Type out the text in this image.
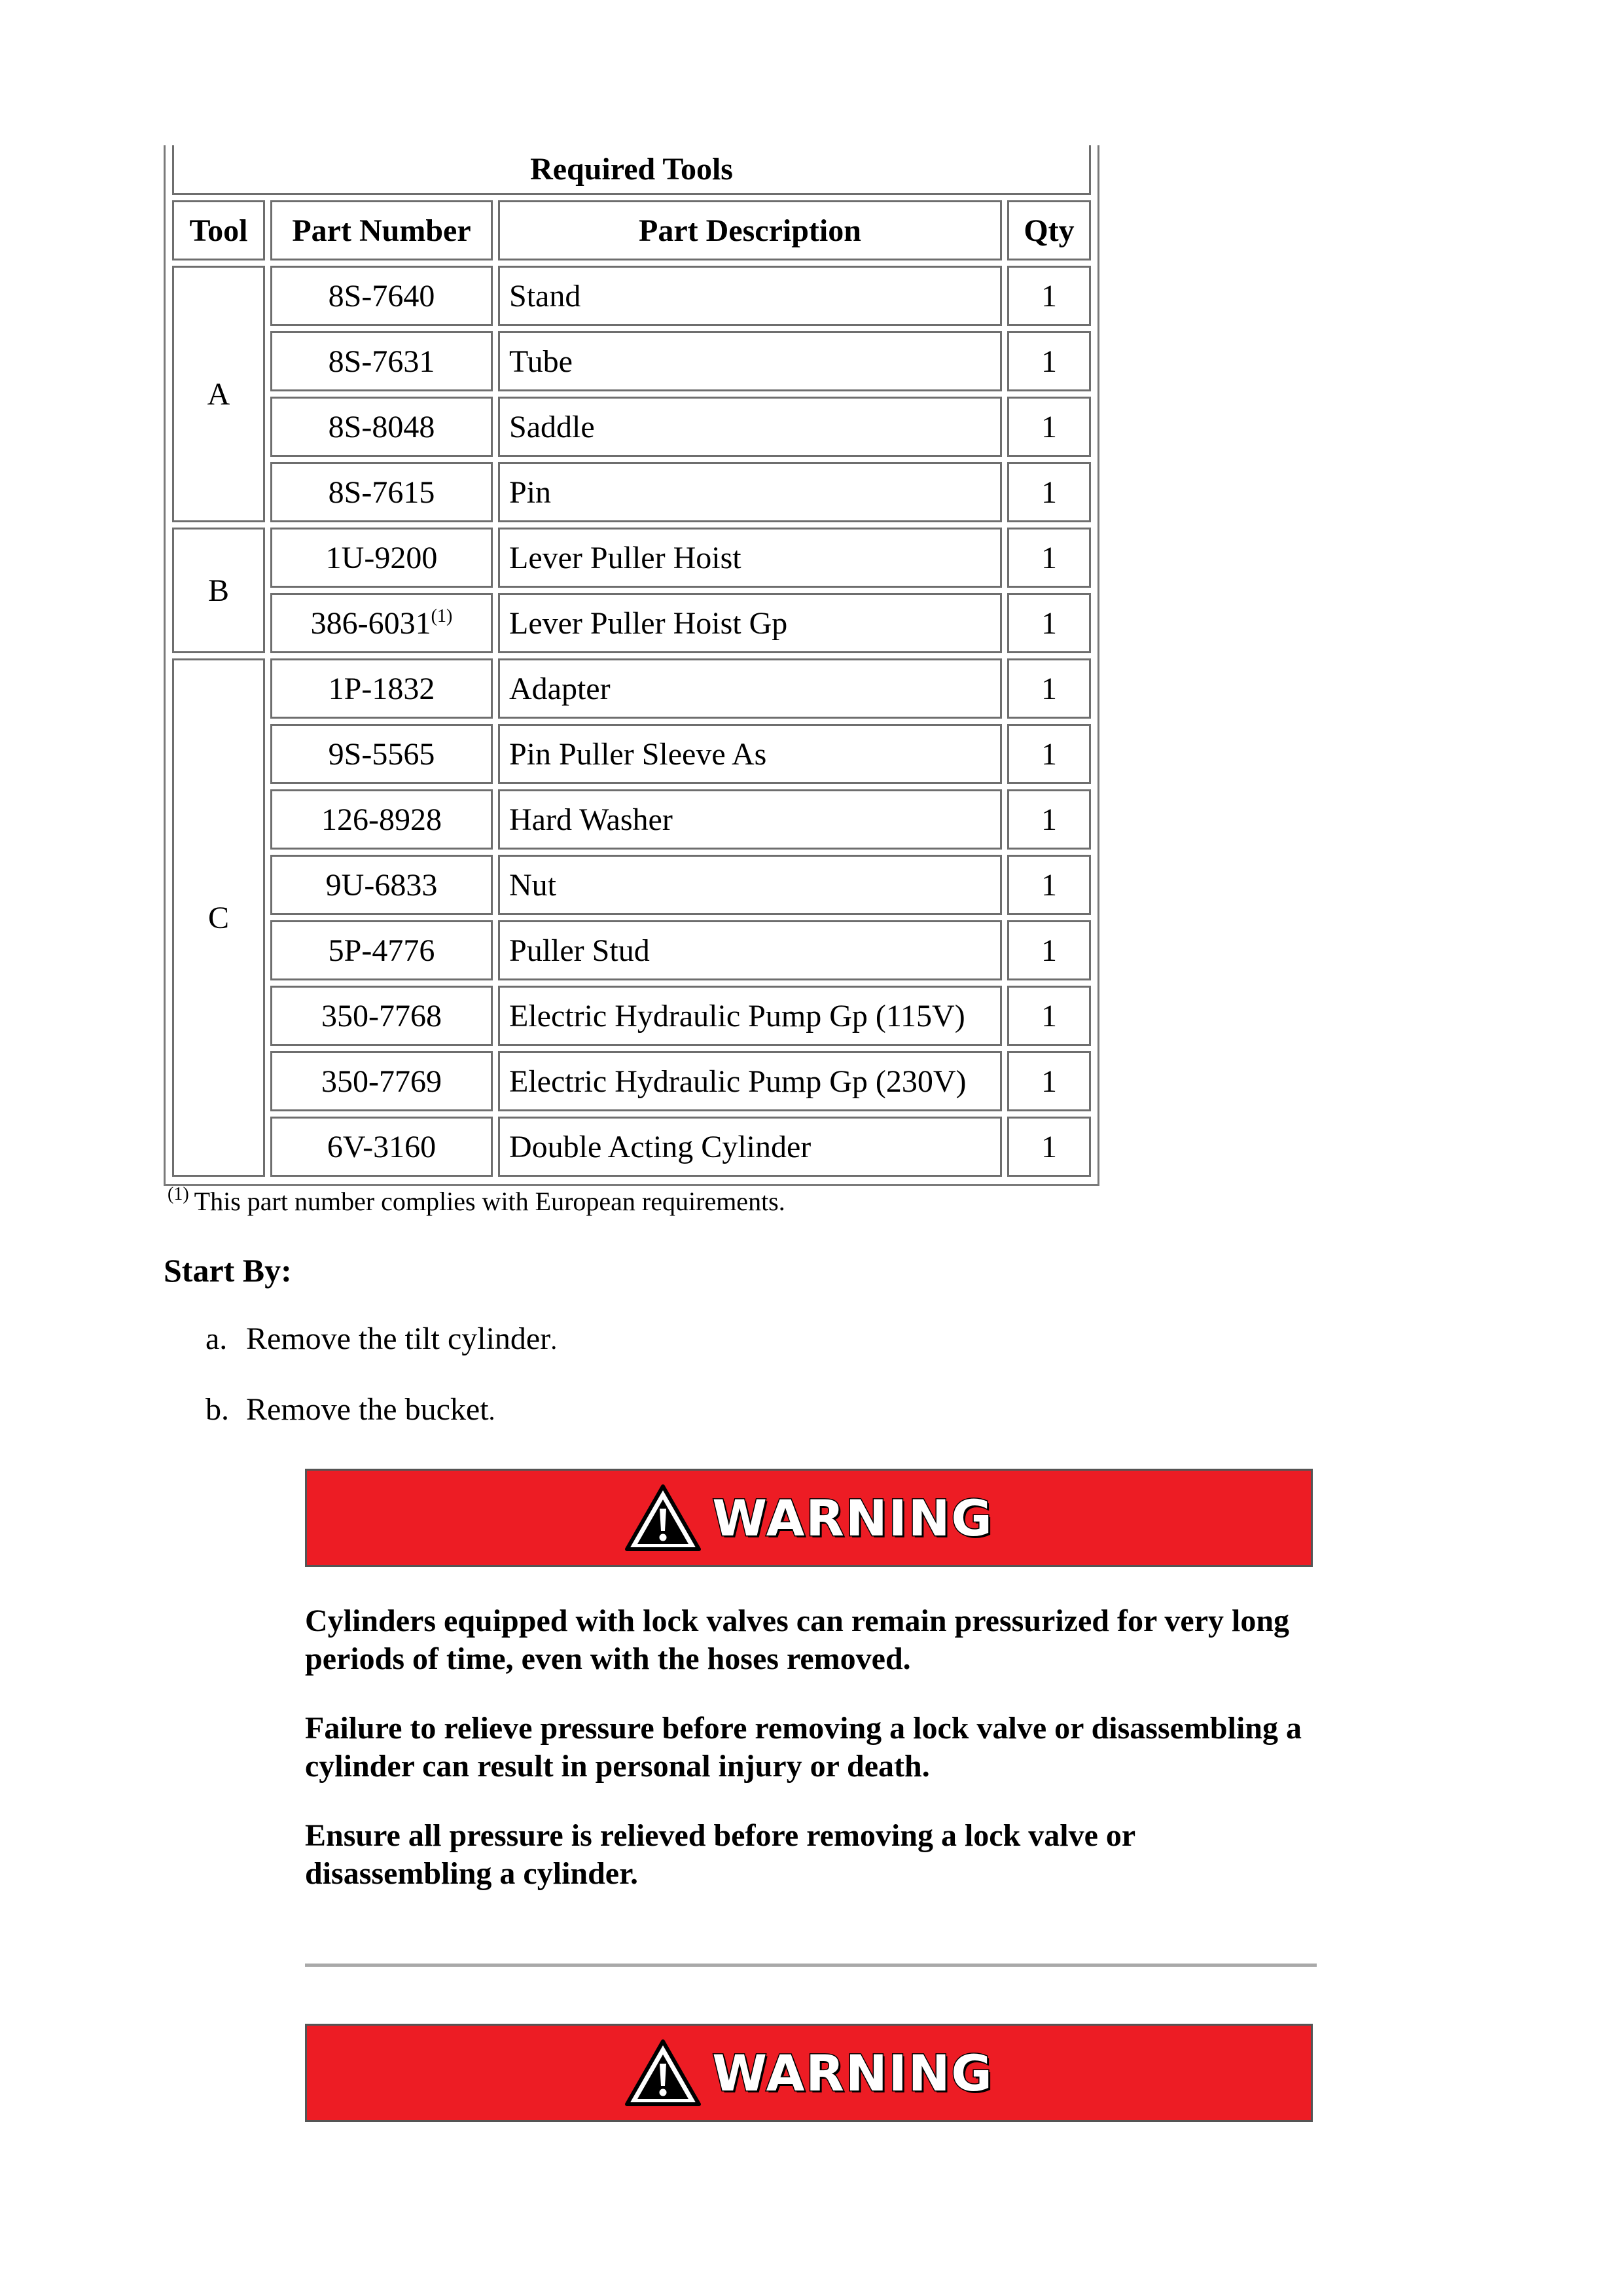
Required Tools			
Tool	Part Number	Part Description	Qty
A	8S-7640	Stand	1
	8S-7631	Tube	1
	8S-8048	Saddle	1
	8S-7615	Pin	1
B	1U-9200	Lever Puller Hoist	1
	386-6031$^{(1)}$	Lever Puller Hoist Gp	1
C	1P-1832	Adapter	1
	9S-5565	Pin Puller Sleeve As	1
	126-8928	Hard Washer	1
	9U-6833	Nut	1
	5P-4776	Puller Stud	1
	350-7768	Electric Hydraulic Pump Gp (115V)	1
	350-7769	Electric Hydraulic Pump Gp (230V)	1
	6V-3160	Double Acting Cylinder	1
$^{(1)}$ This part number complies with European requirements.
Start By:
a. Remove the tilt cylinder.
b. Remove the bucket.
WARNING
Cylinders equipped with lock valves can remain pressurized for very long periods of time, even with the hoses removed.
Failure to relieve pressure before removing a lock valve or disassembling a cylinder can result in personal injury or death.
Ensure all pressure is relieved before removing a lock valve or disassembling a cylinder.
WARNING
